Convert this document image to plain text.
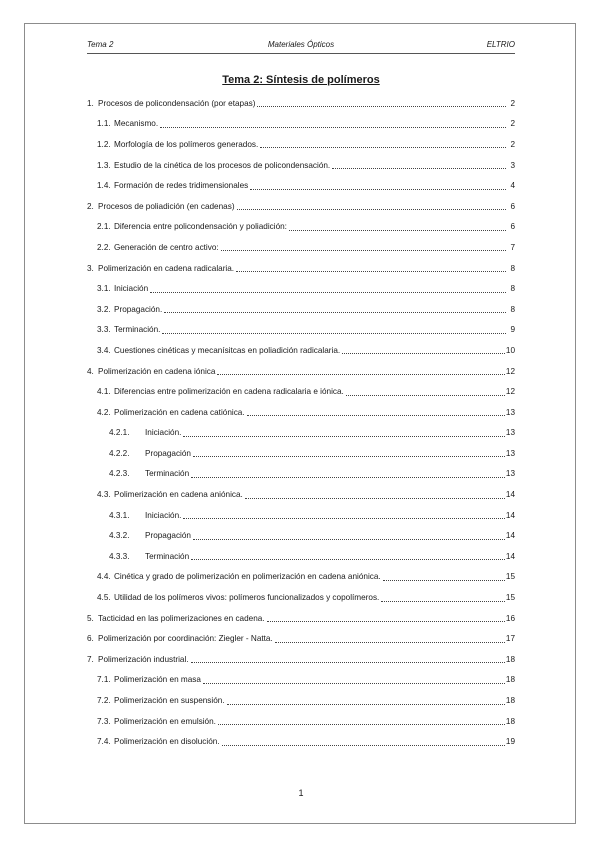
Tema 2	Materiales Ópticos	ELTRIO
Tema 2: Síntesis de polímeros
1. Procesos de policondensación (por etapas)	2
1.1. Mecanismo.	2
1.2. Morfología de los polímeros generados.	2
1.3. Estudio de la cinética de los procesos de policondensación.	3
1.4. Formación de redes tridimensionales	4
2. Procesos de poliadición (en cadenas)	6
2.1. Diferencia entre policondensación y poliadición:	6
2.2. Generación de centro activo:	7
3. Polimerización en cadena radicalaria.	8
3.1. Iniciación	8
3.2. Propagación.	8
3.3. Terminación.	9
3.4. Cuestiones cinéticas y mecanísitcas en poliadición radicalaria.	10
4. Polimerización en cadena iónica	12
4.1. Diferencias entre polimerización en cadena radicalaria e iónica.	12
4.2. Polimerización en cadena catiónica.	13
4.2.1.	Iniciación.	13
4.2.2.	Propagación	13
4.2.3.	Terminación	13
4.3. Polimerización en cadena aniónica.	14
4.3.1.	Iniciación.	14
4.3.2.	Propagación	14
4.3.3.	Terminación	14
4.4. Cinética y grado de polimerización en polimerización en cadena aniónica.	15
4.5. Utilidad de los polímeros vivos: polímeros funcionalizados y copolímeros.	15
5. Tacticidad en las polimerizaciones en cadena.	16
6. Polimerización por coordinación: Ziegler - Natta.	17
7. Polimerización industrial.	18
7.1. Polimerización en masa	18
7.2. Polimerización en suspensión.	18
7.3. Polimerización en emulsión.	18
7.4. Polimerización en disolución.	19
1
